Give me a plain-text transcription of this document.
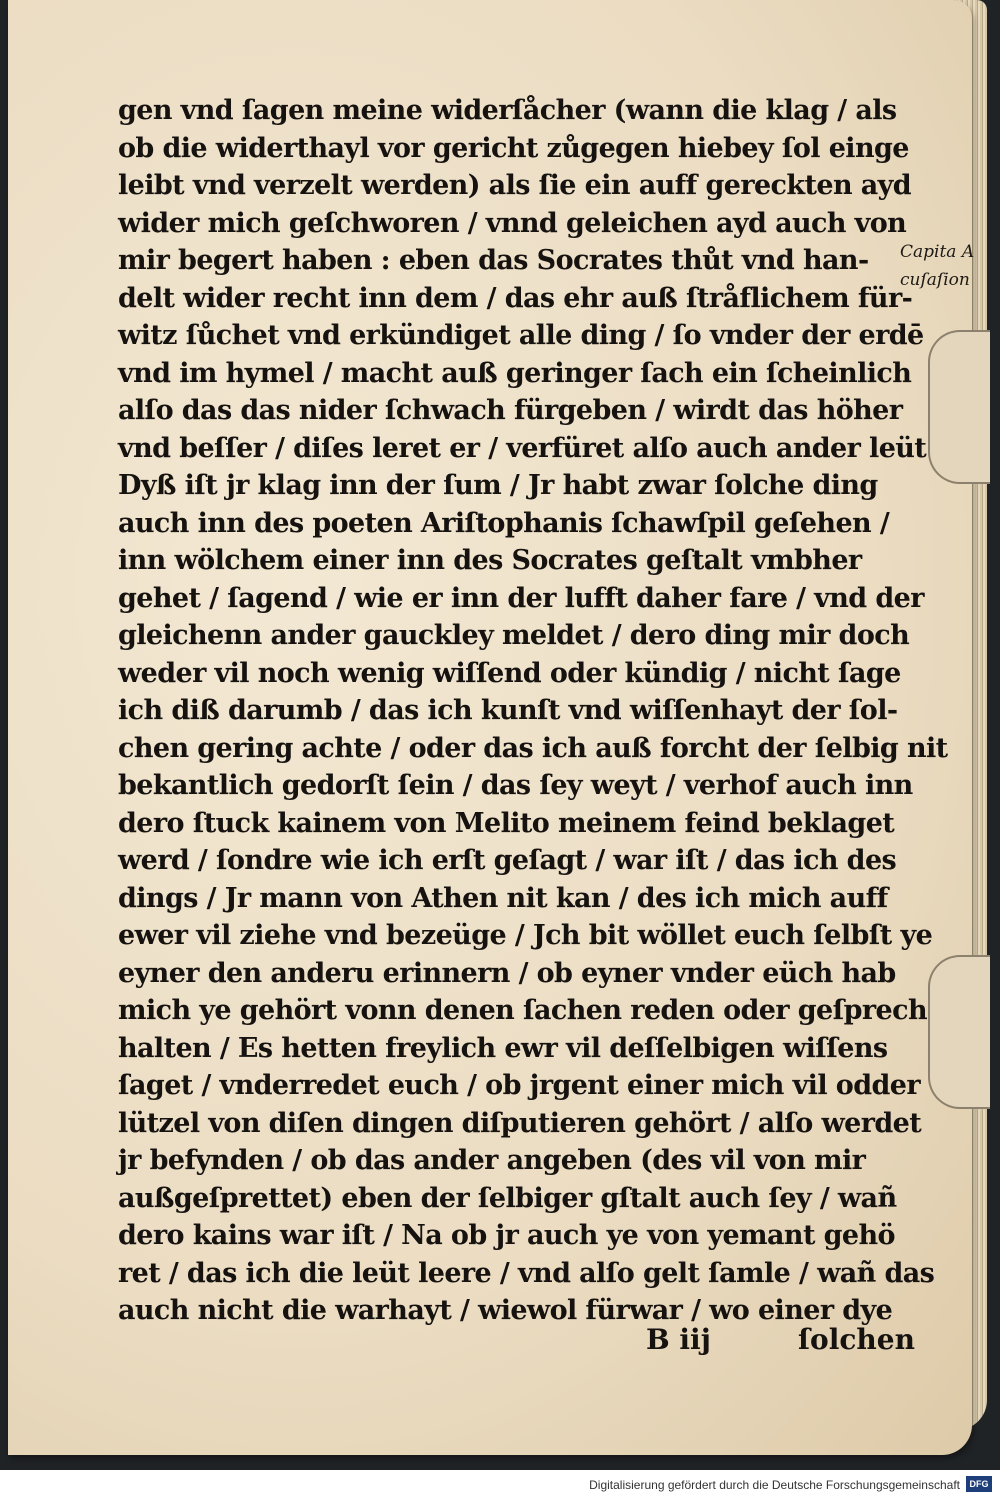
gen vnd ſagen meine widerſåcher (wann die klag / als
ob die widerthayl vor gericht zůgegen hiebey ſol einge
leibt vnd verzelt werden) als ſie ein auff gereckten ayd
wider mich geſchworen / vnnd geleichen ayd auch von
mir begert haben : eben das Socrates thůt vnd han-
delt wider recht inn dem / das ehr auß ſtråflichem für-
witz ſůchet vnd erkündiget alle ding / ſo vnder der erdē
vnd im hymel / macht auß geringer ſach ein ſcheinlich
alſo das das nider ſchwach fürgeben / wirdt das höher
vnd beſſer / diſes leret er / verfüret alſo auch ander leüt
Dyß iſt jr klag inn der ſum / Jr habt zwar ſolche ding
auch inn des poeten Ariſtophanis ſchawſpil geſehen /
inn wölchem einer inn des Socrates geſtalt vmbher
gehet / ſagend / wie er inn der lufft daher fare / vnd der
gleichenn ander gauckley meldet / dero ding mir doch
weder vil noch wenig wiſſend oder kündig / nicht ſage
ich diß darumb / das ich kunſt vnd wiſſenhayt der ſol-
chen gering achte / oder das ich auß forcht der ſelbig nit
bekantlich gedorſt ſein / das ſey weyt / verhof auch inn
dero ſtuck kainem von Melito meinem feind beklaget
werd / ſondre wie ich erſt geſagt / war iſt / das ich des
dings / Jr mann von Athen nit kan / des ich mich auff
ewer vil ziehe vnd bezeüge / Jch bit wöllet euch ſelbſt ye
eyner den anderu erinnern / ob eyner vnder eüch hab
mich ye gehört vonn denen ſachen reden oder geſprech
halten / Es hetten freylich ewr vil deſſelbigen wiſſens
ſaget / vnderredet euch / ob jrgent einer mich vil odder
lützel von diſen dingen diſputieren gehört / alſo werdet
jr befynden / ob das ander angeben (des vil von mir
außgeſprettet) eben der ſelbiger gſtalt auch ſey / wañ
dero kains war iſt / Na ob jr auch ye von yemant gehö
ret / das ich die leüt leere / vnd alſo gelt ſamle / wañ das
auch nicht die warhayt / wiewol fürwar / wo einer dye
Capita A
cuſaſion
B iij	ſolchen
Digitalisierung gefördert durch die Deutsche Forschungsgemeinschaft	DFG
